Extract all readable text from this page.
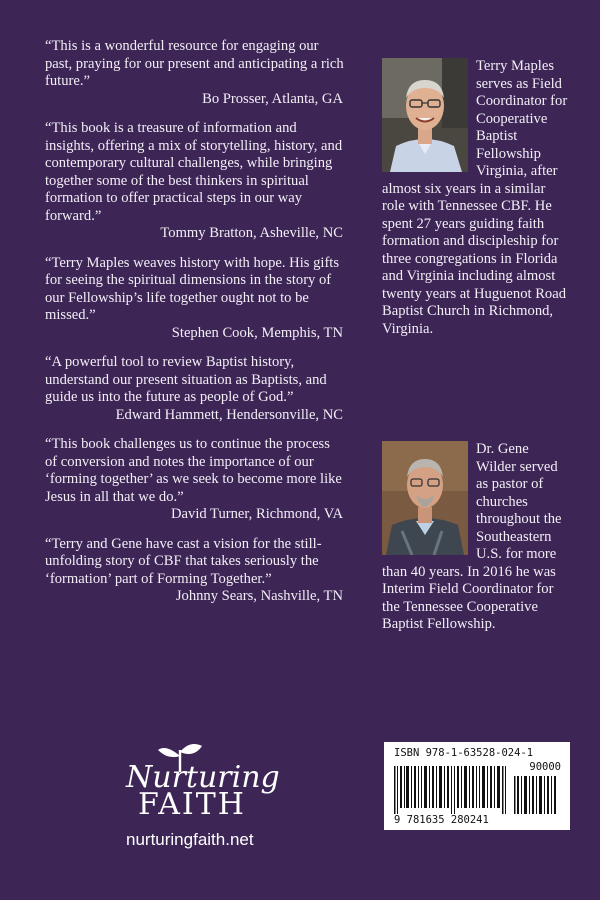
“This is a wonderful resource for engaging our past, praying for our present and anticipating a rich future.”
Bo Prosser, Atlanta, GA
“This book is a treasure of information and insights, offering a mix of storytelling, history, and contemporary cultural challenges, while bringing together some of the best thinkers in spiritual formation to offer practical steps in our way forward.”
Tommy Bratton, Asheville, NC
“Terry Maples weaves history with hope. His gifts for seeing the spiritual dimensions in the story of our Fellowship’s life together ought not to be missed.”
Stephen Cook, Memphis, TN
“A powerful tool to review Baptist history, understand our present situation as Baptists, and guide us into the future as people of God.”
Edward Hammett, Hendersonville, NC
“This book challenges us to continue the process of conversion and notes the importance of our ‘forming together’ as we seek to become more like Jesus in all that we do.”
David Turner, Richmond, VA
“Terry and Gene have cast a vision for the still-unfolding story of CBF that takes seriously the ‘formation’ part of Forming Together.”
Johnny Sears, Nashville, TN
Terry Maples serves as Field Coordinator for Cooperative Baptist Fellowship Virginia, after almost six years in a similar role with Tennessee CBF. He spent 27 years guiding faith formation and discipleship for three congregations in Florida and Virginia including almost twenty years at Huguenot Road Baptist Church in Richmond, Virginia.
Dr. Gene Wilder served as pastor of churches throughout the Southeastern U.S. for more than 40 years. In 2016 he was Interim Field Coordinator for the Tennessee Cooperative Baptist Fellowship.
Nurturing
FAITH
nurturingfaith.net
ISBN 978-1-63528-024-1
90000
9 781635 280241
